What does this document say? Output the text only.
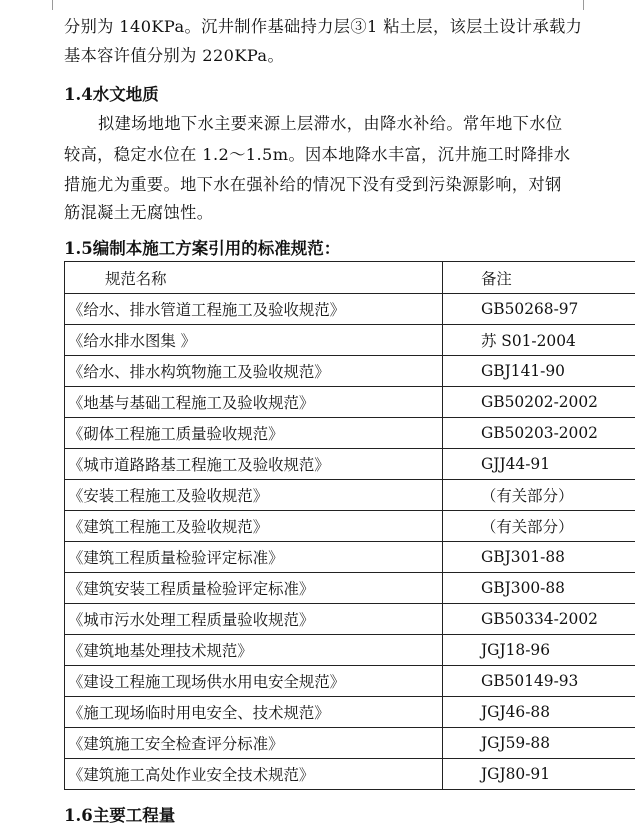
分别为 140KPa。沉井制作基础持力层③1 粘土层，该层土设计承载力
基本容许值分别为 220KPa。
1.4水文地质
拟建场地地下水主要来源上层滞水，由降水补给。常年地下水位
较高，稳定水位在 1.2～1.5m。因本地降水丰富，沉井施工时降排水
措施尤为重要。地下水在强补给的情况下没有受到污染源影响，对钢
筋混凝土无腐蚀性。
1.5编制本施工方案引用的标准规范：
规范名称	备注
《给水、排水管道工程施工及验收规范》	GB50268-97
《给水排水图集 》	苏 S01-2004
《给水、排水构筑物施工及验收规范》	GBJ141-90
《地基与基础工程施工及验收规范》	GB50202-2002
《砌体工程施工质量验收规范》	GB50203-2002
《城市道路路基工程施工及验收规范》	GJJ44-91
《安装工程施工及验收规范》	（有关部分）
《建筑工程施工及验收规范》	（有关部分）
《建筑工程质量检验评定标准》	GBJ301-88
《建筑安装工程质量检验评定标准》	GBJ300-88
《城市污水处理工程质量验收规范》	GB50334-2002
《建筑地基处理技术规范》	JGJ18-96
《建设工程施工现场供水用电安全规范》	GB50149-93
《施工现场临时用电安全、技术规范》	JGJ46-88
《建筑施工安全检查评分标准》	JGJ59-88
《建筑施工高处作业安全技术规范》	JGJ80-91
1.6主要工程量
